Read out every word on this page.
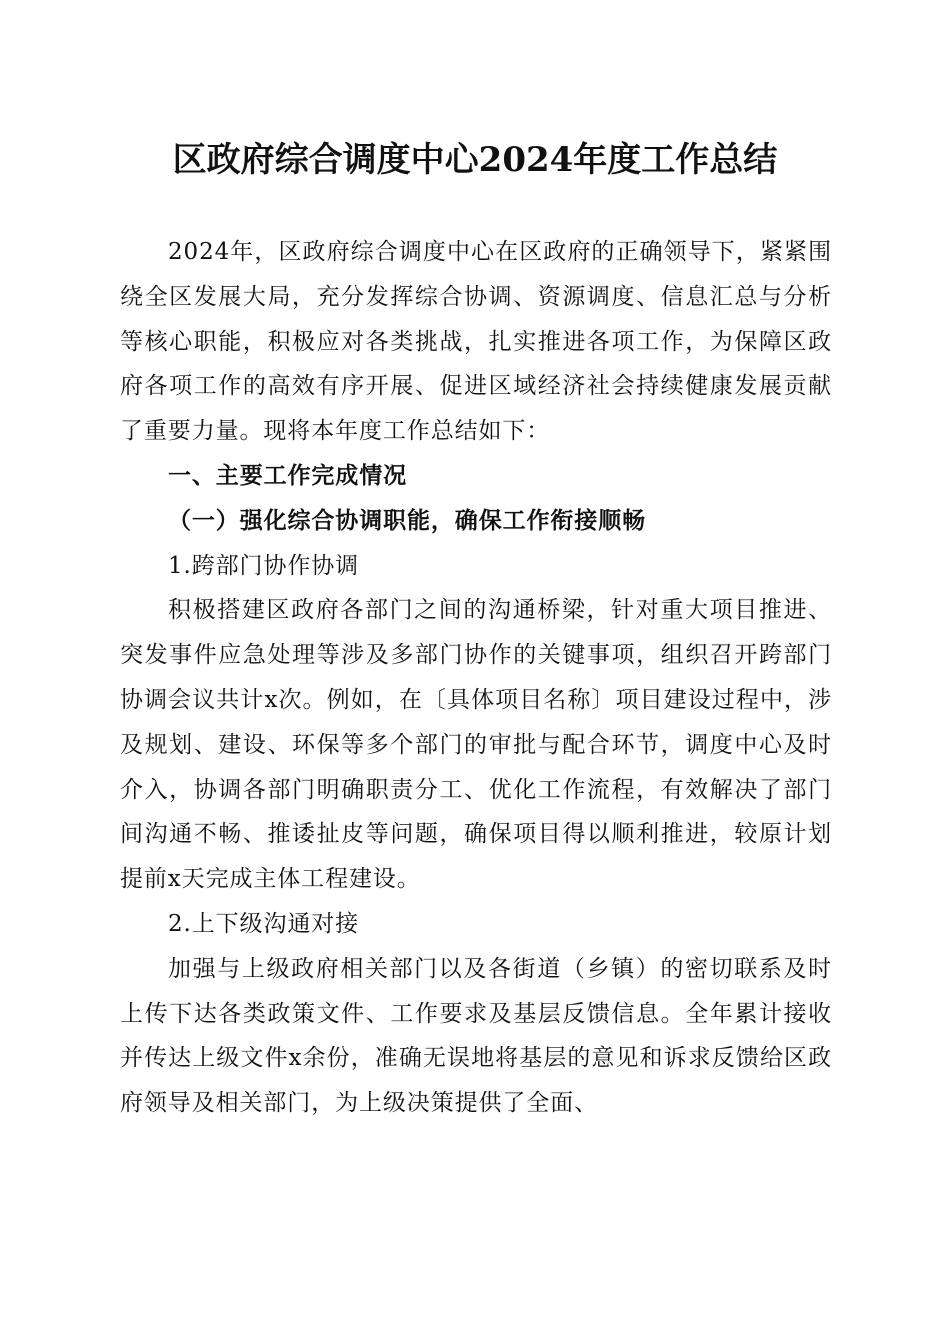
区政府综合调度中心2024年度工作总结

2024年，区政府综合调度中心在区政府的正确领导下，紧紧围绕全区发展大局，充分发挥综合协调、资源调度、信息汇总与分析等核心职能，积极应对各类挑战，扎实推进各项工作，为保障区政府各项工作的高效有序开展、促进区域经济社会持续健康发展贡献了重要力量。现将本年度工作总结如下：

一、主要工作完成情况

（一）强化综合协调职能，确保工作衔接顺畅

1.跨部门协作协调

积极搭建区政府各部门之间的沟通桥梁，针对重大项目推进、突发事件应急处理等涉及多部门协作的关键事项，组织召开跨部门协调会议共计x次。例如，在〔具体项目名称〕项目建设过程中，涉及规划、建设、环保等多个部门的审批与配合环节，调度中心及时介入，协调各部门明确职责分工、优化工作流程，有效解决了部门间沟通不畅、推诿扯皮等问题，确保项目得以顺利推进，较原计划提前x天完成主体工程建设。

2.上下级沟通对接

加强与上级政府相关部门以及各街道（乡镇）的密切联系及时上传下达各类政策文件、工作要求及基层反馈信息。全年累计接收并传达上级文件x余份，准确无误地将基层的意见和诉求反馈给区政府领导及相关部门，为上级决策提供了全面、
